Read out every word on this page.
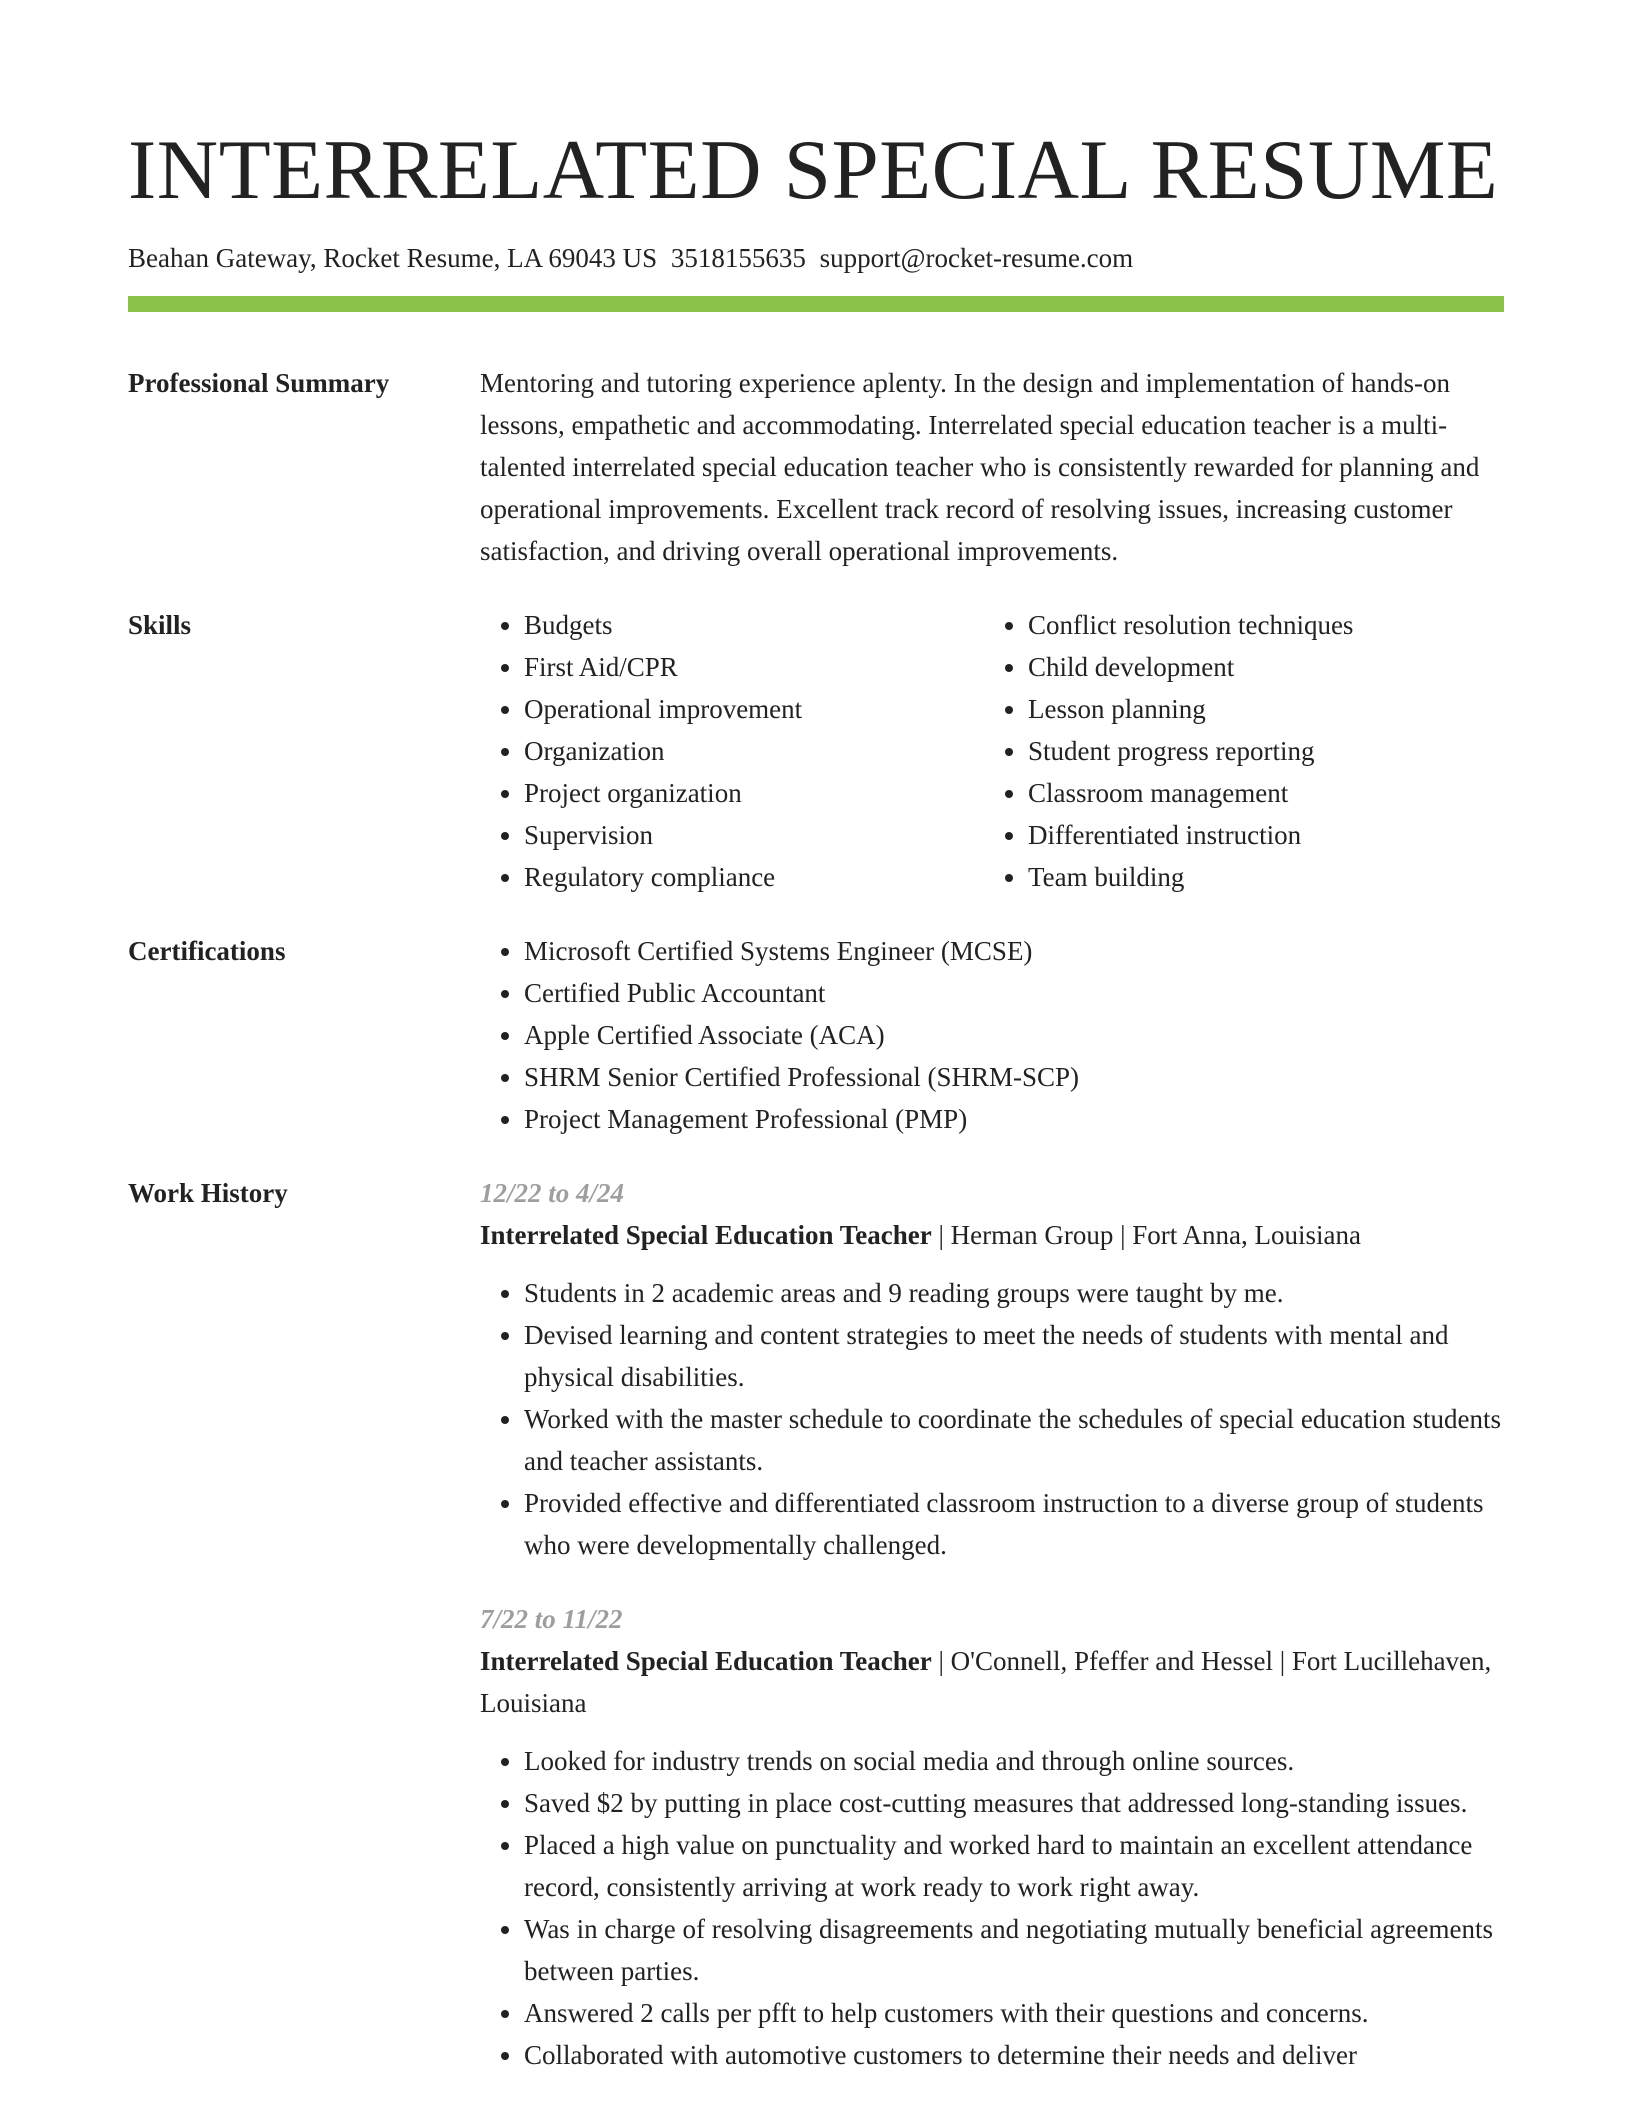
INTERRELATED SPECIAL RESUME
Beahan Gateway, Rocket Resume, LA 69043 US 3518155635 support@rocket-resume.com
Professional Summary	Mentoring and tutoring experience aplenty. In the design and implementation of hands-on lessons, empathetic and accommodating. Interrelated special education teacher is a multi-talented interrelated special education teacher who is consistently rewarded for planning and operational improvements. Excellent track record of resolving issues, increasing customer satisfaction, and driving overall operational improvements.

Skills	• Budgets
• First Aid/CPR
• Operational improvement
• Organization
• Project organization
• Supervision
• Regulatory compliance
• Conflict resolution techniques
• Child development
• Lesson planning
• Student progress reporting
• Classroom management
• Differentiated instruction
• Team building
Certifications	• Microsoft Certified Systems Engineer (MCSE)
• Certified Public Accountant
• Apple Certified Associate (ACA)
• SHRM Senior Certified Professional (SHRM-SCP)
• Project Management Professional (PMP)
Work History	12/22 to 4/24
Interrelated Special Education Teacher | Herman Group | Fort Anna, Louisiana
• Students in 2 academic areas and 9 reading groups were taught by me.
• Devised learning and content strategies to meet the needs of students with mental and physical disabilities.
• Worked with the master schedule to coordinate the schedules of special education students and teacher assistants.
• Provided effective and differentiated classroom instruction to a diverse group of students who were developmentally challenged.
7/22 to 11/22
Interrelated Special Education Teacher | O'Connell, Pfeffer and Hessel | Fort Lucillehaven, Louisiana
• Looked for industry trends on social media and through online sources.
• Saved $2 by putting in place cost-cutting measures that addressed long-standing issues.
• Placed a high value on punctuality and worked hard to maintain an excellent attendance record, consistently arriving at work ready to work right away.
• Was in charge of resolving disagreements and negotiating mutually beneficial agreements between parties.
• Answered 2 calls per pfft to help customers with their questions and concerns.
• Collaborated with automotive customers to determine their needs and deliver
